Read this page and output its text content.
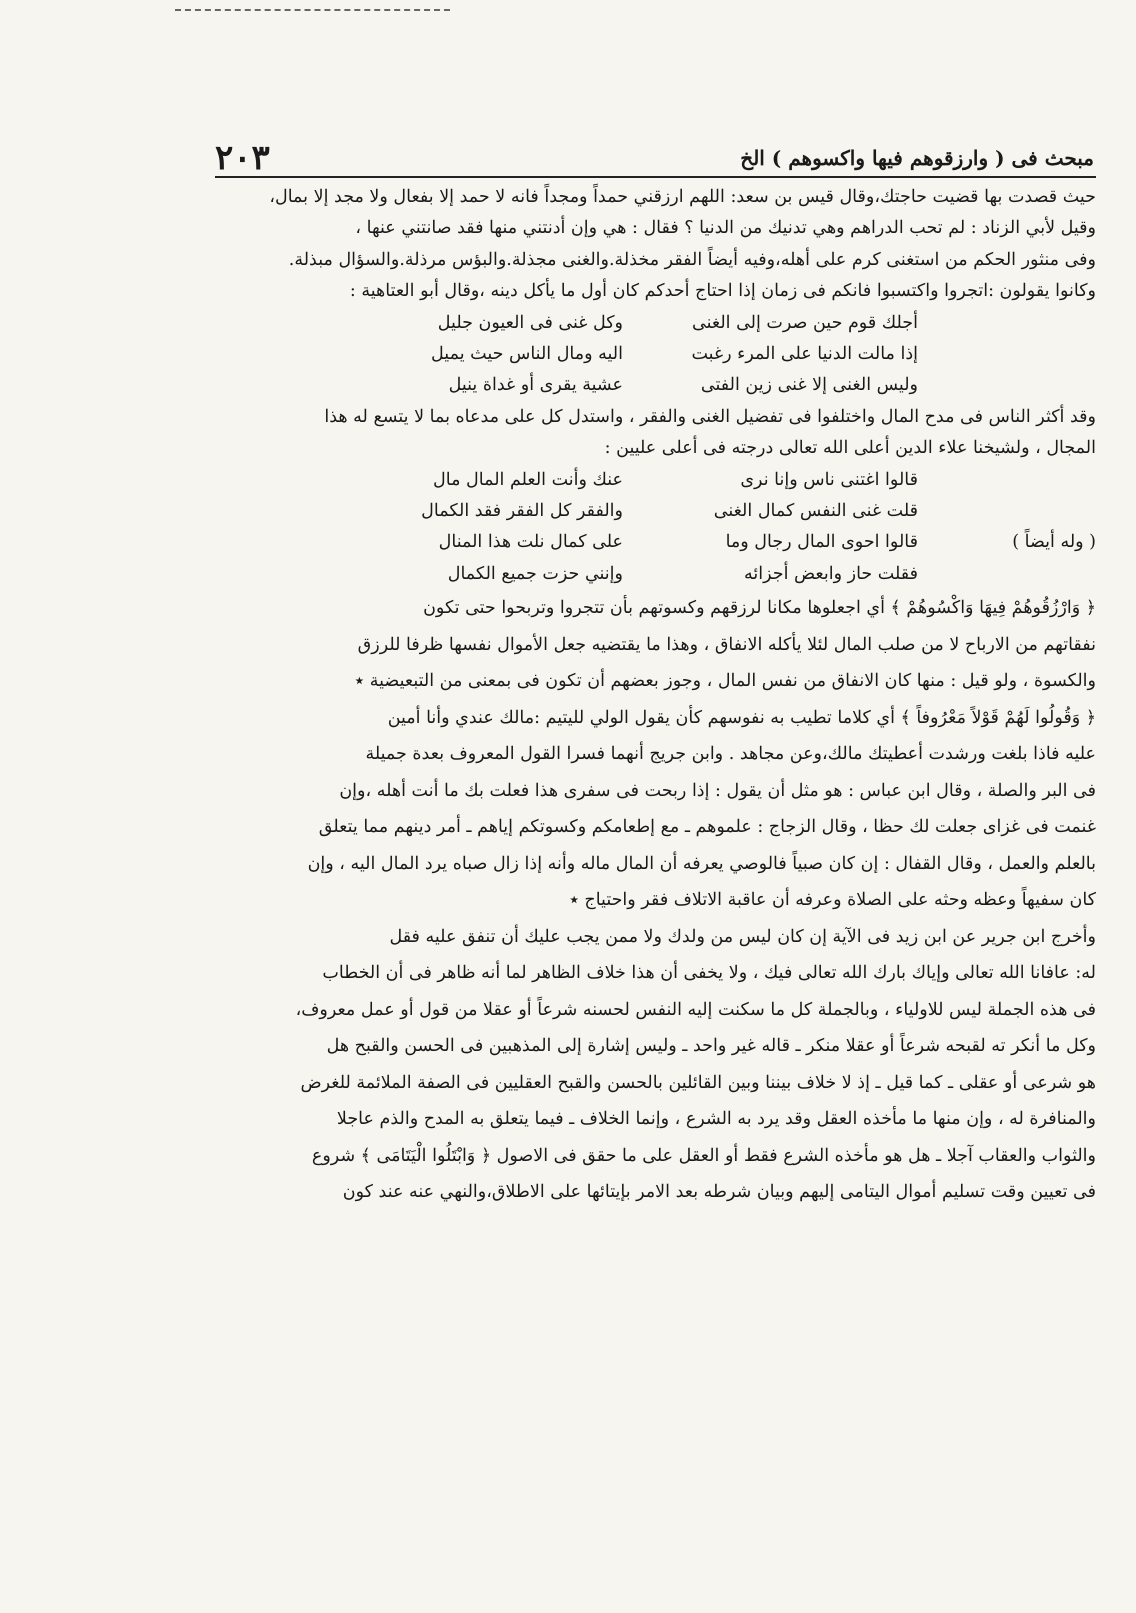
مبحث فى ( وارزقوهم فيها واكسوهم ) الخ
٢٠٣

حيث قصدت بها قضيت حاجتك،وقال قيس بن سعد: اللهم ارزقني حمداً ومجداً فانه لا حمد إلا بفعال ولا مجد إلا بمال،
وقيل لأبي الزناد : لم تحب الدراهم وهي تدنيك من الدنيا ؟ فقال : هي وإن أدنتني منها فقد صانتني عنها ،
وفى منثور الحكم من استغنى كرم على أهله،وفيه أيضاً الفقر مخذلة.والغنى مجذلة.والبؤس مرذلة.والسؤال مبذلة.
وكانوا يقولون :اتجروا واكتسبوا فانكم فى زمان إذا احتاج أحدكم كان أول ما يأكل دينه ،وقال أبو العتاهية :

أجلك قوم حين صرت إلى الغنى
وكل غنى فى العيون جليل
إذا مالت الدنيا على المرء رغبت
اليه ومال الناس حيث يميل
وليس الغنى إلا غنى زين الفتى
عشية يقرى أو غداة ينيل

وقد أكثر الناس فى مدح المال واختلفوا فى تفضيل الغنى والفقر ، واستدل كل على مدعاه بما لا يتسع له هذا
المجال ، ولشيخنا علاء الدين أعلى الله تعالى درجته فى أعلى عليين :

قالوا اغتنى ناس وإنا نرى
عنك وأنت العلم المال مال
قلت غنى النفس كمال الغنى
والفقر كل الفقر فقد الكمال
( وله أيضاً )
قالوا احوى المال رجال وما
على كمال نلت هذا المنال
فقلت حاز وابعض أجزائه
وإنني حزت جميع الكمال

﴿ وَارْزُقُوهُمْ فِيهَا وَاكْسُوهُمْ ﴾ أي اجعلوها مكانا لرزقهم وكسوتهم بأن تتجروا وتربحوا حتى تكون
نفقاتهم من الارباح لا من صلب المال لئلا يأكله الانفاق ، وهذا ما يقتضيه جعل الأموال نفسها ظرفا للرزق
والكسوة ، ولو قيل : منها كان الانفاق من نفس المال ، وجوز بعضهم أن تكون فى بمعنى من التبعيضية ٭

﴿ وَقُولُوا لَهُمْ قَوْلاً مَعْرُوفاً ﴾ أي كلاما تطيب به نفوسهم كأن يقول الولي لليتيم :مالك عندي وأنا أمين
عليه فاذا بلغت ورشدت أعطيتك مالك،وعن مجاهد . وابن جريج أنهما فسرا القول المعروف بعدة جميلة
فى البر والصلة ، وقال ابن عباس : هو مثل أن يقول : إذا ربحت فى سفرى هذا فعلت بك ما أنت أهله ،وإن
غنمت فى غزاى جعلت لك حظا ، وقال الزجاج : علموهم ـ مع إطعامكم وكسوتكم إياهم ـ أمر دينهم مما يتعلق
بالعلم والعمل ، وقال القفال : إن كان صبياً فالوصي يعرفه أن المال ماله وأنه إذا زال صباه يرد المال اليه ، وإن
كان سفيهاً وعظه وحثه على الصلاة وعرفه أن عاقبة الاتلاف فقر واحتياج ٭

وأخرج ابن جرير عن ابن زيد فى الآية إن كان ليس من ولدك ولا ممن يجب عليك أن تنفق عليه فقل
له: عافانا الله تعالى وإياك بارك الله تعالى فيك ، ولا يخفى أن هذا خلاف الظاهر لما أنه ظاهر فى أن الخطاب
فى هذه الجملة ليس للاولياء ، وبالجملة كل ما سكنت إليه النفس لحسنه شرعاً أو عقلا من قول أو عمل معروف،
وكل ما أنكر ته لقبحه شرعاً أو عقلا منكر ـ قاله غير واحد ـ وليس إشارة إلى المذهبين فى الحسن والقبح هل
هو شرعى أو عقلى ـ كما قيل ـ إذ لا خلاف بيننا وبين القائلين بالحسن والقبح العقليين فى الصفة الملائمة للغرض
والمنافرة له ، وإن منها ما مأخذه العقل وقد يرد به الشرع ، وإنما الخلاف ـ فيما يتعلق به المدح والذم عاجلا
والثواب والعقاب آجلا ـ هل هو مأخذه الشرع فقط أو العقل على ما حقق فى الاصول ﴿ وَابْتَلُوا الْيَتَامَى ﴾ شروع
فى تعيين وقت تسليم أموال اليتامى إليهم وبيان شرطه بعد الامر بإيتائها على الاطلاق،والنهي عنه عند كون
